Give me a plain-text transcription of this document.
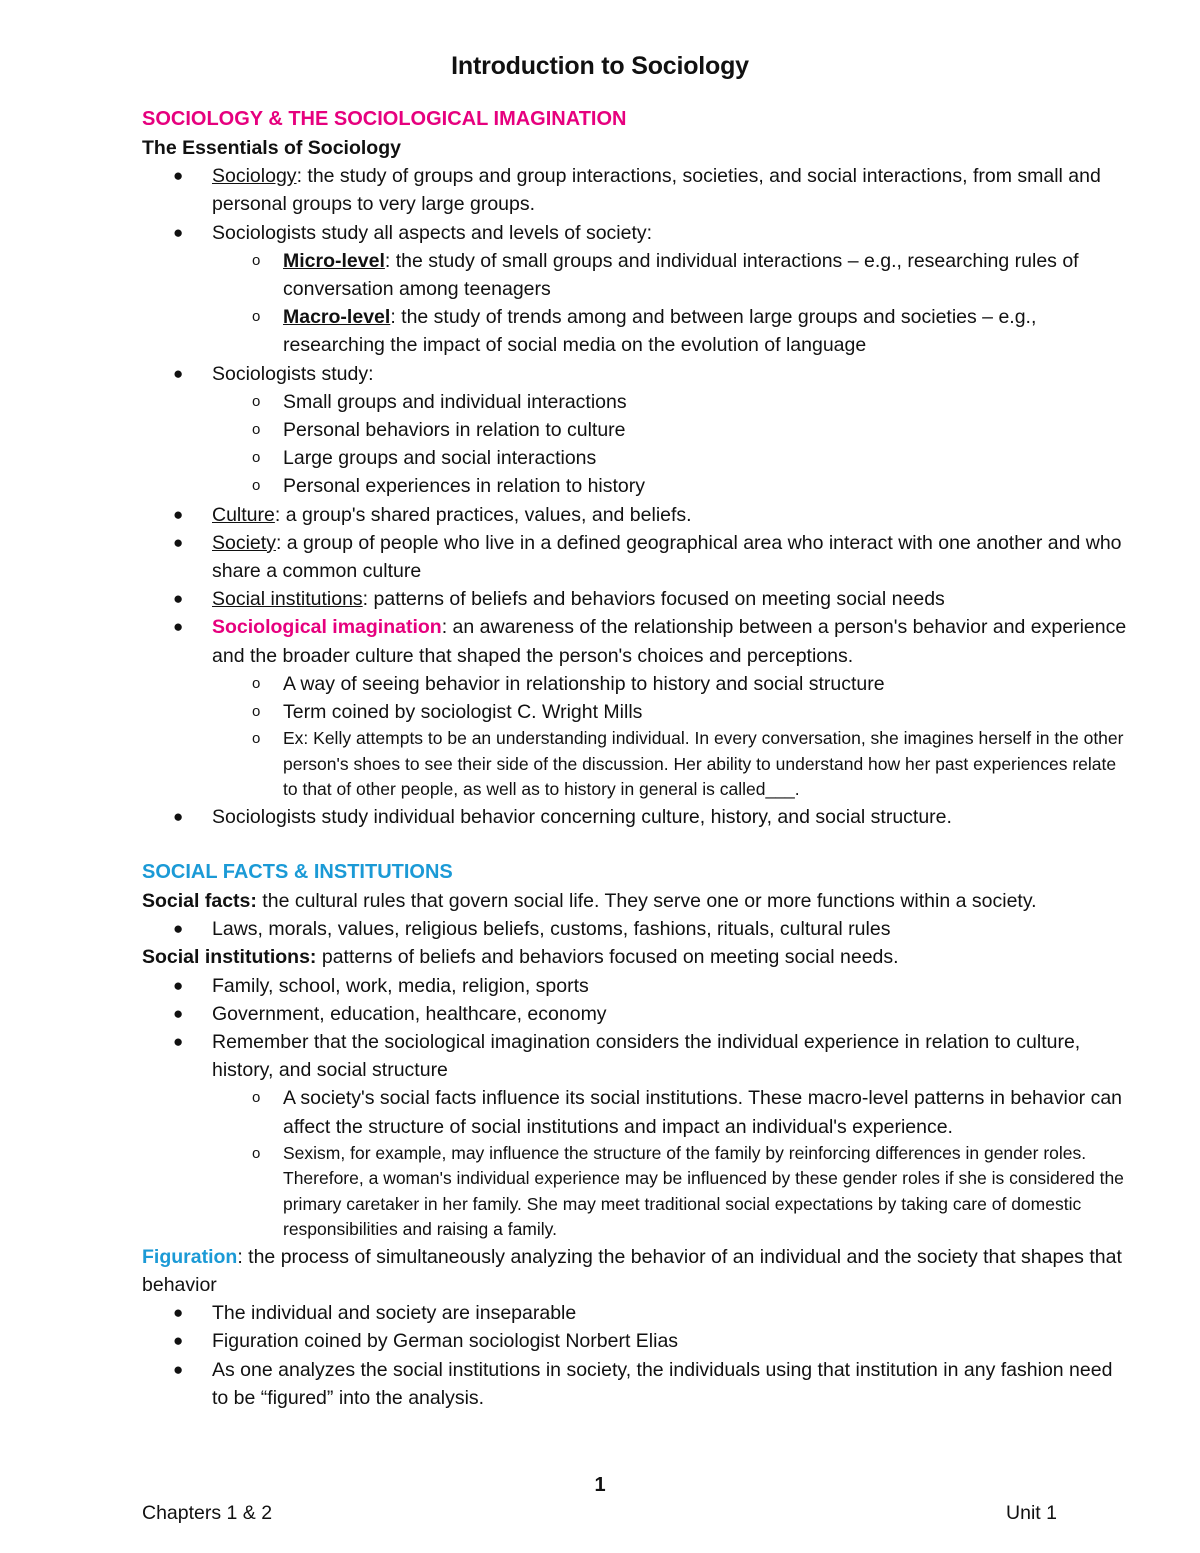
Introduction to Sociology
SOCIOLOGY & THE SOCIOLOGICAL IMAGINATION
The Essentials of Sociology
● Sociology: the study of groups and group interactions, societies, and social interactions, from small and personal groups to very large groups.
● Sociologists study all aspects and levels of society:
o Micro-level: the study of small groups and individual interactions – e.g., researching rules of conversation among teenagers
o Macro-level: the study of trends among and between large groups and societies – e.g., researching the impact of social media on the evolution of language
● Sociologists study:
o Small groups and individual interactions
o Personal behaviors in relation to culture
o Large groups and social interactions
o Personal experiences in relation to history
● Culture: a group's shared practices, values, and beliefs.
● Society: a group of people who live in a defined geographical area who interact with one another and who share a common culture
● Social institutions: patterns of beliefs and behaviors focused on meeting social needs
● Sociological imagination: an awareness of the relationship between a person's behavior and experience and the broader culture that shaped the person's choices and perceptions.
o A way of seeing behavior in relationship to history and social structure
o Term coined by sociologist C. Wright Mills
o Ex: Kelly attempts to be an understanding individual. In every conversation, she imagines herself in the other person's shoes to see their side of the discussion. Her ability to understand how her past experiences relate to that of other people, as well as to history in general is called___.
● Sociologists study individual behavior concerning culture, history, and social structure.
SOCIAL FACTS & INSTITUTIONS
Social facts: the cultural rules that govern social life. They serve one or more functions within a society.
● Laws, morals, values, religious beliefs, customs, fashions, rituals, cultural rules
Social institutions: patterns of beliefs and behaviors focused on meeting social needs.
● Family, school, work, media, religion, sports
● Government, education, healthcare, economy
● Remember that the sociological imagination considers the individual experience in relation to culture, history, and social structure
o A society's social facts influence its social institutions. These macro-level patterns in behavior can affect the structure of social institutions and impact an individual's experience.
o Sexism, for example, may influence the structure of the family by reinforcing differences in gender roles. Therefore, a woman's individual experience may be influenced by these gender roles if she is considered the primary caretaker in her family. She may meet traditional social expectations by taking care of domestic responsibilities and raising a family.
Figuration: the process of simultaneously analyzing the behavior of an individual and the society that shapes that behavior
● The individual and society are inseparable
● Figuration coined by German sociologist Norbert Elias
● As one analyzes the social institutions in society, the individuals using that institution in any fashion need to be “figured” into the analysis.
1
Chapters 1 & 2	Unit 1
